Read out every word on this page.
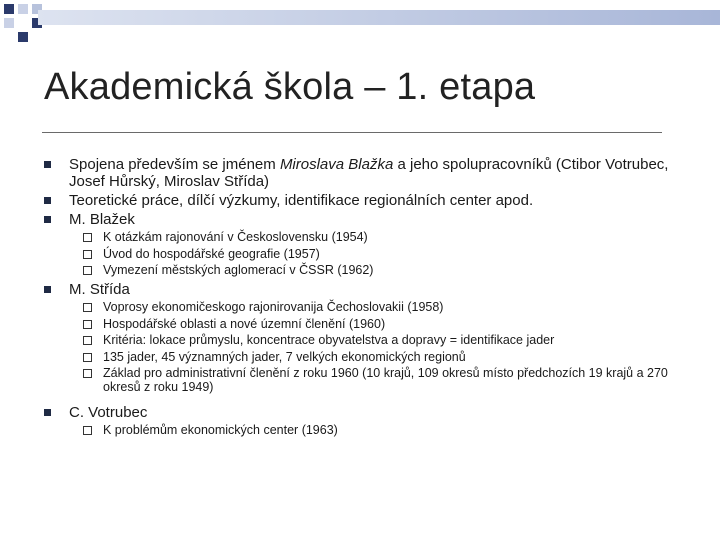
Akademická škola – 1. etapa
Spojena především se jménem Miroslava Blažka a jeho spolupracovníků (Ctibor Votrubec, Josef Hůrský, Miroslav Střída)
Teoretické práce, dílčí výzkumy, identifikace regionálních center apod.
M. Blažek
K otázkám rajonování v Československu (1954)
Úvod do hospodářské geografie (1957)
Vymezení městských aglomerací v ČSSR (1962)
M. Střída
Voprosy ekonomičeskogo rajonirovanija Čechoslovakii (1958)
Hospodářské oblasti a nové územní členění (1960)
Kritéria: lokace průmyslu, koncentrace obyvatelstva a dopravy = identifikace jader
135 jader, 45 významných jader, 7 velkých ekonomických regionů
Základ pro administrativní členění z roku 1960 (10 krajů, 109 okresů místo předchozích 19 krajů a 270 okresů z roku 1949)
C. Votrubec
K problémům ekonomických center (1963)
